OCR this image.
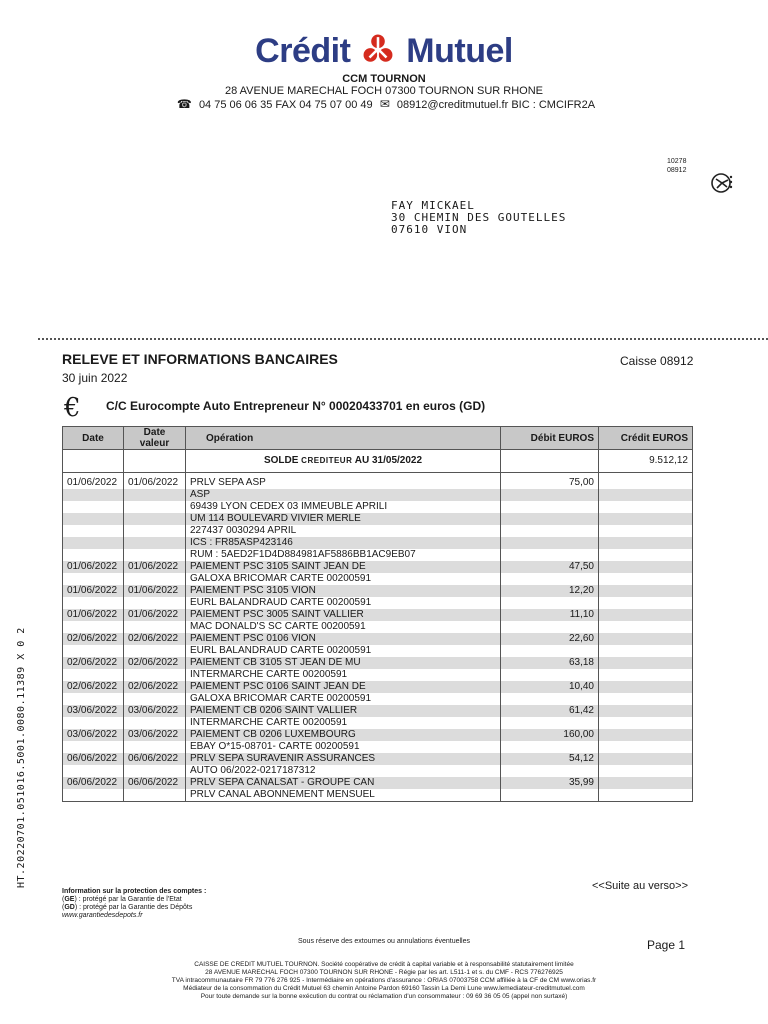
Crédit Mutuel
CCM TOURNON
28 AVENUE MARECHAL FOCH 07300 TOURNON SUR RHONE
☎ 04 75 06 06 35 FAX 04 75 07 00 49 ✉ 08912@creditmutuel.fr BIC : CMCIFR2A
10278
08912
FAY MICKAEL
30 CHEMIN DES GOUTELLES
07610 VION
RELEVE ET INFORMATIONS BANCAIRES
30 juin 2022
Caisse 08912
€ C/C Eurocompte Auto Entrepreneur N° 00020433701 en euros (GD)
Date	Date valeur	Opération	Débit EUROS	Crédit EUROS
		SOLDE CREDITEUR AU 31/05/2022		9.512,12

01/06/2022	01/06/2022	PRLV SEPA ASP	75,00	
		ASP		
		69439 LYON CEDEX 03 IMMEUBLE APRILI		
		UM 114 BOULEVARD VIVIER MERLE		
		227437 0030294 APRIL		
		ICS : FR85ASP423146		
		RUM : 5AED2F1D4D884981AF5886BB1AC9EB07		
01/06/2022	01/06/2022	PAIEMENT PSC 3105 SAINT JEAN DE	47,50	
		GALOXA BRICOMAR CARTE 00200591		
01/06/2022	01/06/2022	PAIEMENT PSC 3105 VION	12,20	
		EURL BALANDRAUD CARTE 00200591		
01/06/2022	01/06/2022	PAIEMENT PSC 3005 SAINT VALLIER	11,10	
		MAC DONALD'S SC CARTE 00200591		
02/06/2022	02/06/2022	PAIEMENT PSC 0106 VION	22,60	
		EURL BALANDRAUD CARTE 00200591		
02/06/2022	02/06/2022	PAIEMENT CB 3105 ST JEAN DE MU	63,18	
		INTERMARCHE CARTE 00200591		
02/06/2022	02/06/2022	PAIEMENT PSC 0106 SAINT JEAN DE	10,40	
		GALOXA BRICOMAR CARTE 00200591		
03/06/2022	03/06/2022	PAIEMENT CB 0206 SAINT VALLIER	61,42	
		INTERMARCHE CARTE 00200591		
03/06/2022	03/06/2022	PAIEMENT CB 0206 LUXEMBOURG	160,00	
		EBAY O*15-08701- CARTE 00200591		
06/06/2022	06/06/2022	PRLV SEPA SURAVENIR ASSURANCES	54,12	
		AUTO 06/2022-0217187312		
06/06/2022	06/06/2022	PRLV SEPA CANALSAT - GROUPE CAN	35,99	
		PRLV CANAL ABONNEMENT MENSUEL		
HT.20220701.051016.5001.0080.11389 X 0 2	<<Suite au verso>>
Information sur la protection des comptes :
(GE) : protégé par la Garantie de l'Etat
(GD) : protégé par la Garantie des Dépôts
www.garantiedesdepots.fr
Sous réserve des extournes ou annulations éventuelles	Page 1
CAISSE DE CREDIT MUTUEL TOURNON. Société coopérative de crédit à capital variable et à responsabilité statutairement limitée
28 AVENUE MARECHAL FOCH 07300 TOURNON SUR RHONE - Régie par les art. L511-1 et s. du CMF - RCS 776276925
TVA intracommunautaire FR 79 776 276 925 - Intermédiaire en opérations d'assurance : ORIAS 07003758 CCM affiliée à la CF de CM www.orias.fr
Médiateur de la consommation du Crédit Mutuel 63 chemin Antoine Pardon 69160 Tassin La Demi Lune www.lemediateur-creditmutuel.com
Pour toute demande sur la bonne exécution du contrat ou réclamation d'un consommateur : 09 69 36 05 05 (appel non surtaxé)
